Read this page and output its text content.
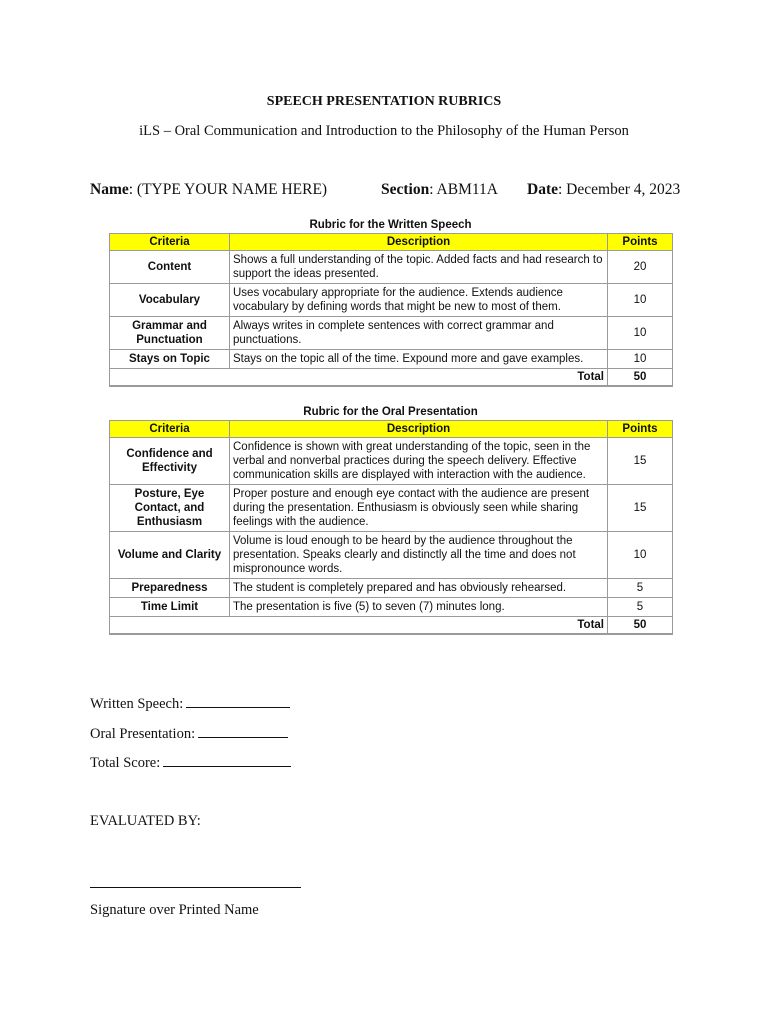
SPEECH PRESENTATION RUBRICS
iLS – Oral Communication and Introduction to the Philosophy of the Human Person
Name: (TYPE YOUR NAME HERE)	Section: ABM11A Date: December 4, 2023
Rubric for the Written Speech
Criteria	Description	Points
Content	Shows a full understanding of the topic. Added facts and had research to support the ideas presented.	20
Vocabulary	Uses vocabulary appropriate for the audience. Extends audience vocabulary by defining words that might be new to most of them.	10
Grammar and Punctuation	Always writes in complete sentences with correct grammar and punctuations.	10
Stays on Topic	Stays on the topic all of the time. Expound more and gave examples.	10
	Total	50
Rubric for the Oral Presentation
Criteria	Description	Points
Confidence and Effectivity	Confidence is shown with great understanding of the topic, seen in the verbal and nonverbal practices during the speech delivery. Effective communication skills are displayed with interaction with the audience.	15
Posture, Eye Contact, and Enthusiasm	Proper posture and enough eye contact with the audience are present during the presentation. Enthusiasm is obviously seen while sharing feelings with the audience.	15
Volume and Clarity	Volume is loud enough to be heard by the audience throughout the presentation. Speaks clearly and distinctly all the time and does not mispronounce words.	10
Preparedness	The student is completely prepared and has obviously rehearsed.	5
Time Limit	The presentation is five (5) to seven (7) minutes long.	5
	Total	50
Written Speech:
Oral Presentation:
Total Score:
EVALUATED BY:
Signature over Printed Name
